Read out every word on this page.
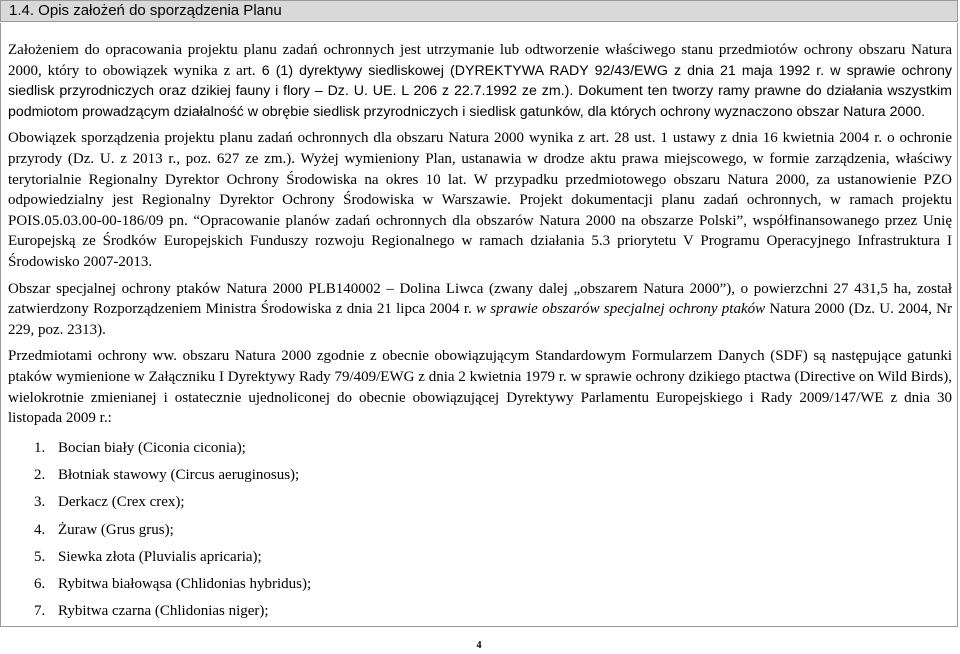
1.4. Opis założeń do sporządzenia Planu

Założeniem do opracowania projektu planu zadań ochronnych jest utrzymanie lub odtworzenie właściwego stanu przedmiotów ochrony obszaru Natura 2000, który to obowiązek wynika z art. 6 (1) dyrektywy siedliskowej (DYREKTYWA RADY 92/43/EWG z dnia 21 maja 1992 r. w sprawie ochrony siedlisk przyrodniczych oraz dzikiej fauny i flory – Dz. U. UE. L 206 z 22.7.1992 ze zm.). Dokument ten tworzy ramy prawne do działania wszystkim podmiotom prowadzącym działalność w obrębie siedlisk przyrodniczych i siedlisk gatunków, dla których ochrony wyznaczono obszar Natura 2000.

Obowiązek sporządzenia projektu planu zadań ochronnych dla obszaru Natura 2000 wynika z art. 28 ust. 1 ustawy z dnia 16 kwietnia 2004 r. o ochronie przyrody (Dz. U. z 2013 r., poz. 627 ze zm.). Wyżej wymieniony Plan, ustanawia w drodze aktu prawa miejscowego, w formie zarządzenia, właściwy terytorialnie Regionalny Dyrektor Ochrony Środowiska na okres 10 lat. W przypadku przedmiotowego obszaru Natura 2000, za ustanowienie PZO odpowiedzialny jest Regionalny Dyrektor Ochrony Środowiska w Warszawie. Projekt dokumentacji planu zadań ochronnych, w ramach projektu POIS.05.03.00-00-186/09 pn. “Opracowanie planów zadań ochronnych dla obszarów Natura 2000 na obszarze Polski”, współfinansowanego przez Unię Europejską ze Środków Europejskich Funduszy rozwoju Regionalnego w ramach działania 5.3 priorytetu V Programu Operacyjnego Infrastruktura I Środowisko 2007-2013.

Obszar specjalnej ochrony ptaków Natura 2000 PLB140002 – Dolina Liwca (zwany dalej „obszarem Natura 2000”), o powierzchni 27 431,5 ha, został zatwierdzony Rozporządzeniem Ministra Środowiska z dnia 21 lipca 2004 r. w sprawie obszarów specjalnej ochrony ptaków Natura 2000 (Dz. U. 2004, Nr 229, poz. 2313).

Przedmiotami ochrony ww. obszaru Natura 2000 zgodnie z obecnie obowiązującym Standardowym Formularzem Danych (SDF) są następujące gatunki ptaków wymienione w Załączniku I Dyrektywy Rady 79/409/EWG z dnia 2 kwietnia 1979 r. w sprawie ochrony dzikiego ptactwa (Directive on Wild Birds), wielokrotnie zmienianej i ostatecznie ujednoliconej do obecnie obowiązującej Dyrektywy Parlamentu Europejskiego i Rady 2009/147/WE z dnia 30 listopada 2009 r.:

1. Bocian biały (Ciconia ciconia);
2. Błotniak stawowy (Circus aeruginosus);
3. Derkacz (Crex crex);
4. Żuraw (Grus grus);
5. Siewka złota (Pluvialis apricaria);
6. Rybitwa białowąsa (Chlidonias hybridus);
7. Rybitwa czarna (Chlidonias niger);
4
